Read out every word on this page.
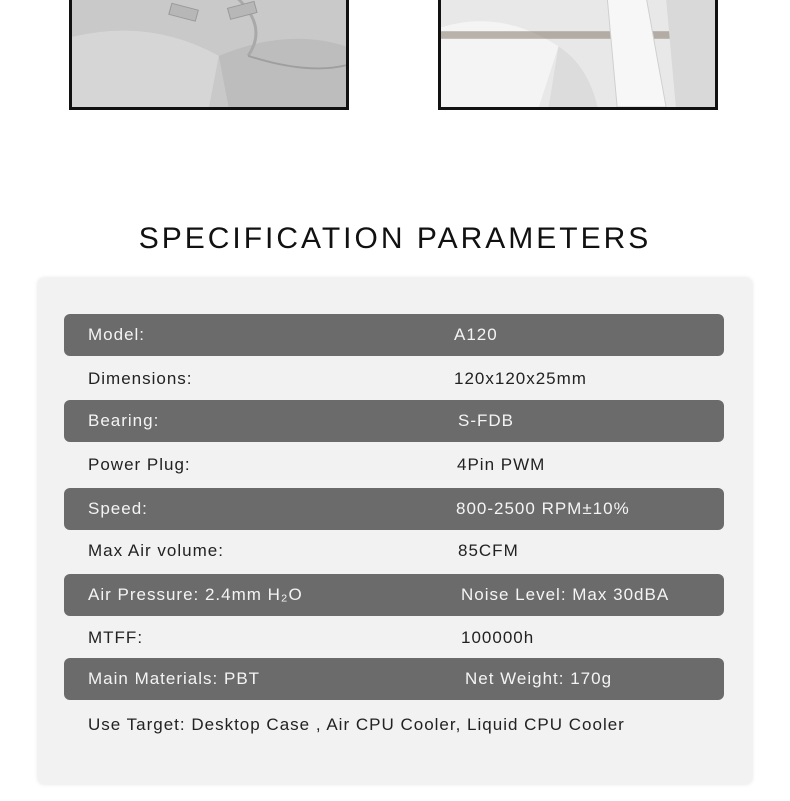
SPECIFICATION PARAMETERS
Model:	A120
Dimensions:	120x120x25mm
Bearing:	S-FDB
Power Plug:	4Pin PWM
Speed:	800-2500 RPM±10%
Max Air volume:	85CFM
Air Pressure: 2.4mm H₂O	Noise Level: Max 30dBA
MTFF:	100000h
Main Materials: PBT	Net Weight: 170g
Use Target: Desktop Case , Air CPU Cooler, Liquid CPU Cooler
